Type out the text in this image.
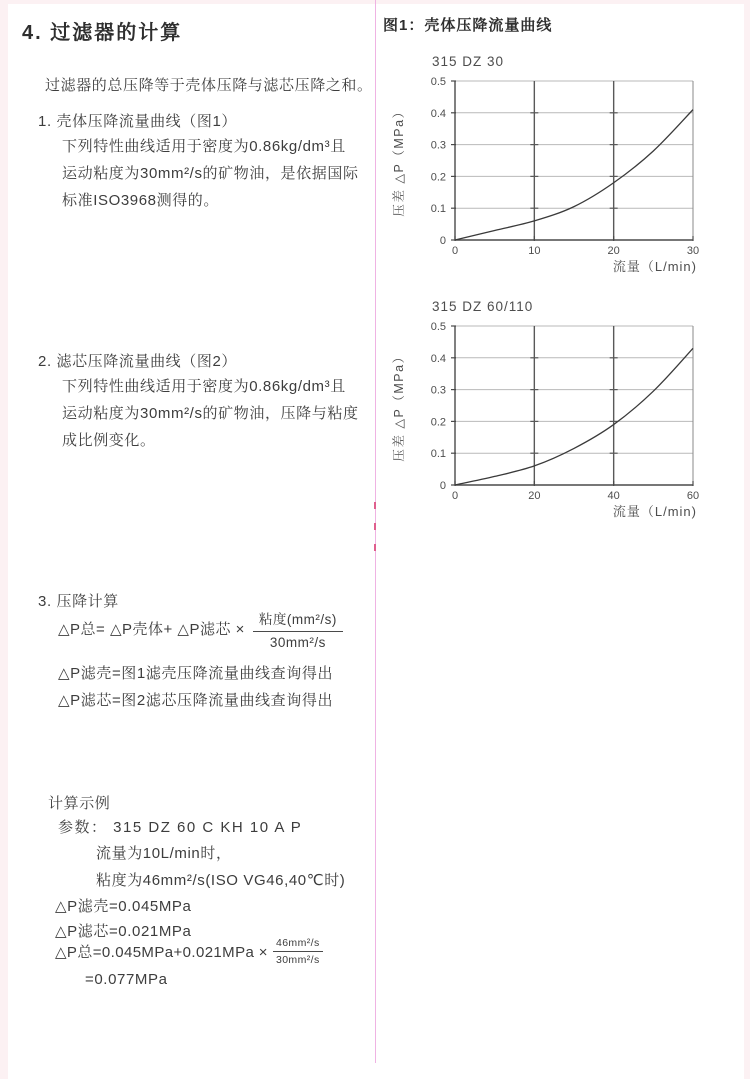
4. 过滤器的计算
过滤器的总压降等于壳体压降与滤芯压降之和。
1. 壳体压降流量曲线（图1）
下列特性曲线适用于密度为0.86kg/dm³且
运动粘度为30mm²/s的矿物油，是依据国际
标准ISO3968测得的。
2. 滤芯压降流量曲线（图2）
下列特性曲线适用于密度为0.86kg/dm³且
运动粘度为30mm²/s的矿物油，压降与粘度
成比例变化。
3. 压降计算
△P总= △P壳体+ △P滤芯 × $\frac{\text{粘度(mm²/s)}}{\text{30mm²/s}}$
△P滤壳=图1滤壳压降流量曲线查询得出
△P滤芯=图2滤芯压降流量曲线查询得出
计算示例
参数： 315 DZ 60 C KH 10 A P
流量为10L/min时，
粘度为46mm²/s(ISO VG46,40℃时)
△P滤壳=0.045MPa
△P滤芯=0.021MPa
△P总$=0.045MPa+0.021MPa \times \frac{\text{46mm²/s}}{\text{30mm²/s}}$
=0.077MPa
图1：壳体压降流量曲线
315 DZ 30
0
0.1
0.2
0.3
0.4
0.5
0	10	20	30
流量（L/min)
压差 △P（MPa）
315 DZ 60/110
0
0.1
0.2
0.3
0.4
0.5
0	20	40	60
流量（L/min)
压差 △P（MPa）
